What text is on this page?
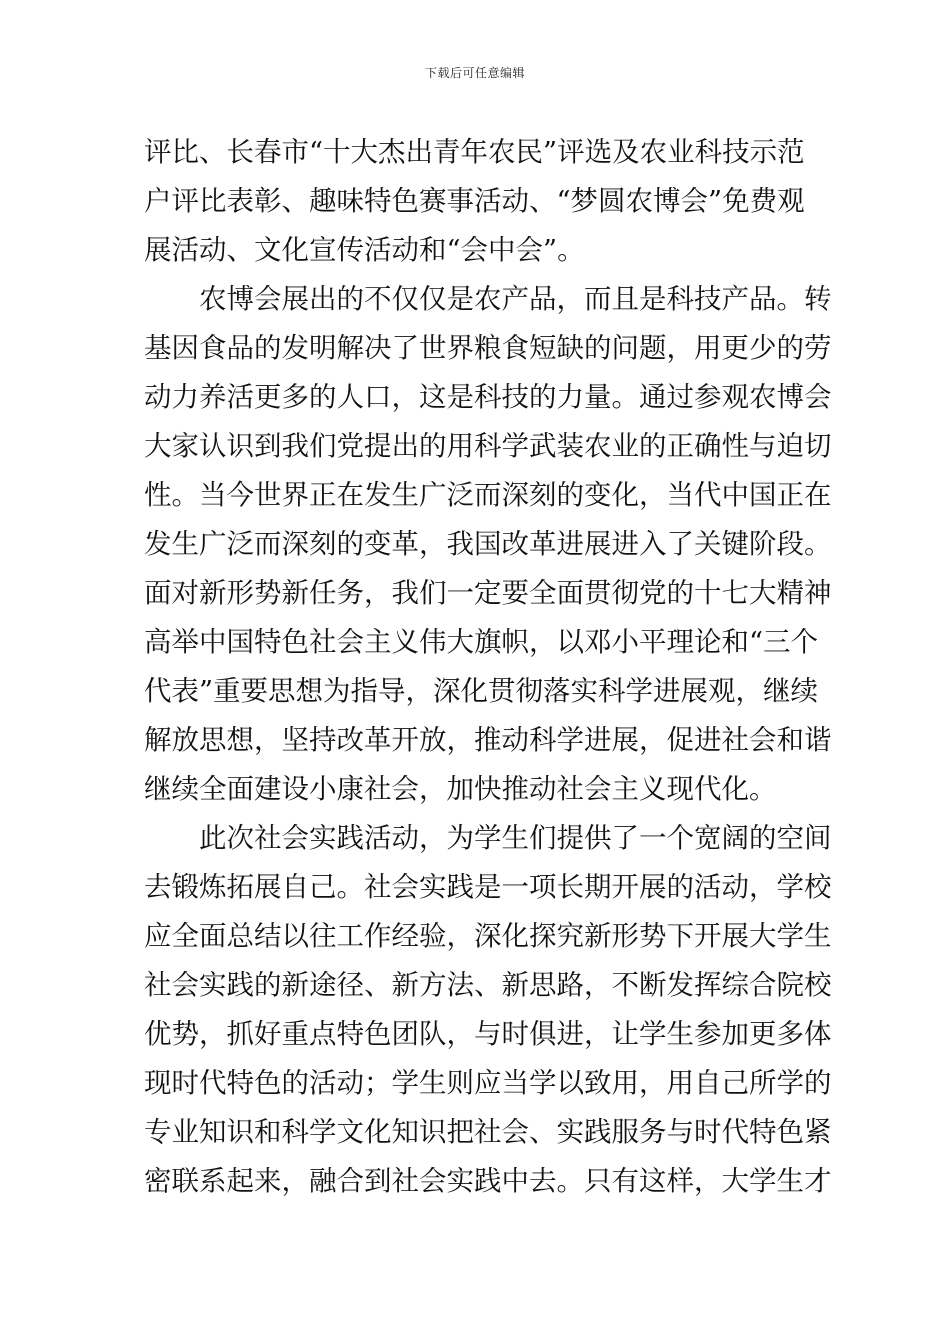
下载后可任意编辑
评比、长春市“十大杰出青年农民”评选及农业科技示范
户评比表彰、趣味特色赛事活动、“梦圆农博会”免费观
展活动、文化宣传活动和“会中会”。
农博会展出的不仅仅是农产品，而且是科技产品。转
基因食品的发明解决了世界粮食短缺的问题，用更少的劳
动力养活更多的人口，这是科技的力量。通过参观农博会
大家认识到我们党提出的用科学武装农业的正确性与迫切
性。当今世界正在发生广泛而深刻的变化，当代中国正在
发生广泛而深刻的变革，我国改革进展进入了关键阶段。
面对新形势新任务，我们一定要全面贯彻党的十七大精神
高举中国特色社会主义伟大旗帜，以邓小平理论和“三个
代表”重要思想为指导，深化贯彻落实科学进展观，继续
解放思想，坚持改革开放，推动科学进展，促进社会和谐
继续全面建设小康社会，加快推动社会主义现代化。
此次社会实践活动，为学生们提供了一个宽阔的空间
去锻炼拓展自己。社会实践是一项长期开展的活动，学校
应全面总结以往工作经验，深化探究新形势下开展大学生
社会实践的新途径、新方法、新思路，不断发挥综合院校
优势，抓好重点特色团队，与时俱进，让学生参加更多体
现时代特色的活动；学生则应当学以致用，用自己所学的
专业知识和科学文化知识把社会、实践服务与时代特色紧
密联系起来，融合到社会实践中去。只有这样，大学生才
